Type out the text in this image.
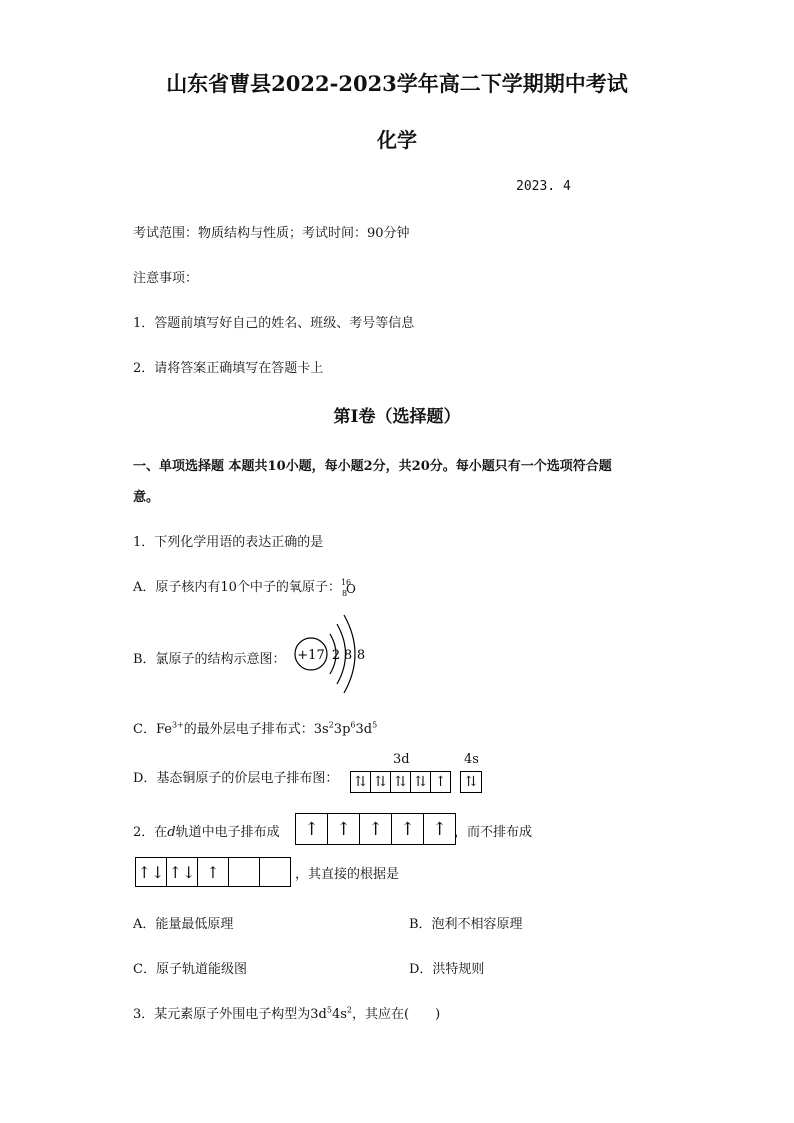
山东省曹县2022-2023学年高二下学期期中考试
化学
2023. 4
考试范围：物质结构与性质；考试时间：90分钟
注意事项：
1．答题前填写好自己的姓名、班级、考号等信息
2．请将答案正确填写在答题卡上
第Ⅰ卷（选择题）
一、单项选择题 本题共10小题，每小题2分，共20分。每小题只有一个选项符合题
意。
1．下列化学用语的表达正确的是
A．原子核内有10个中子的氧原子： 16
8
O
B．氯原子的结构示意图： +17 2 8 8
C．$Fe^{3+}$的最外层电子排布式：$3s^23p^63d^5$
D．基态铜原子的价层电子排布图：
3d	4s
⇅ ⇅ ⇅ ⇅ ↑ ⇅
2．在d轨道中电子排布成	↑ ↑ ↑ ↑ ↑ ，而不排布成
↑↓ ↑↓ ↑	，其直接的根据是
A．能量最低原理	B．泡利不相容原理
C．原子轨道能级图	D．洪特规则
3．某元素原子外围电子构型为$3d^54s^2$，其应在(　　)
